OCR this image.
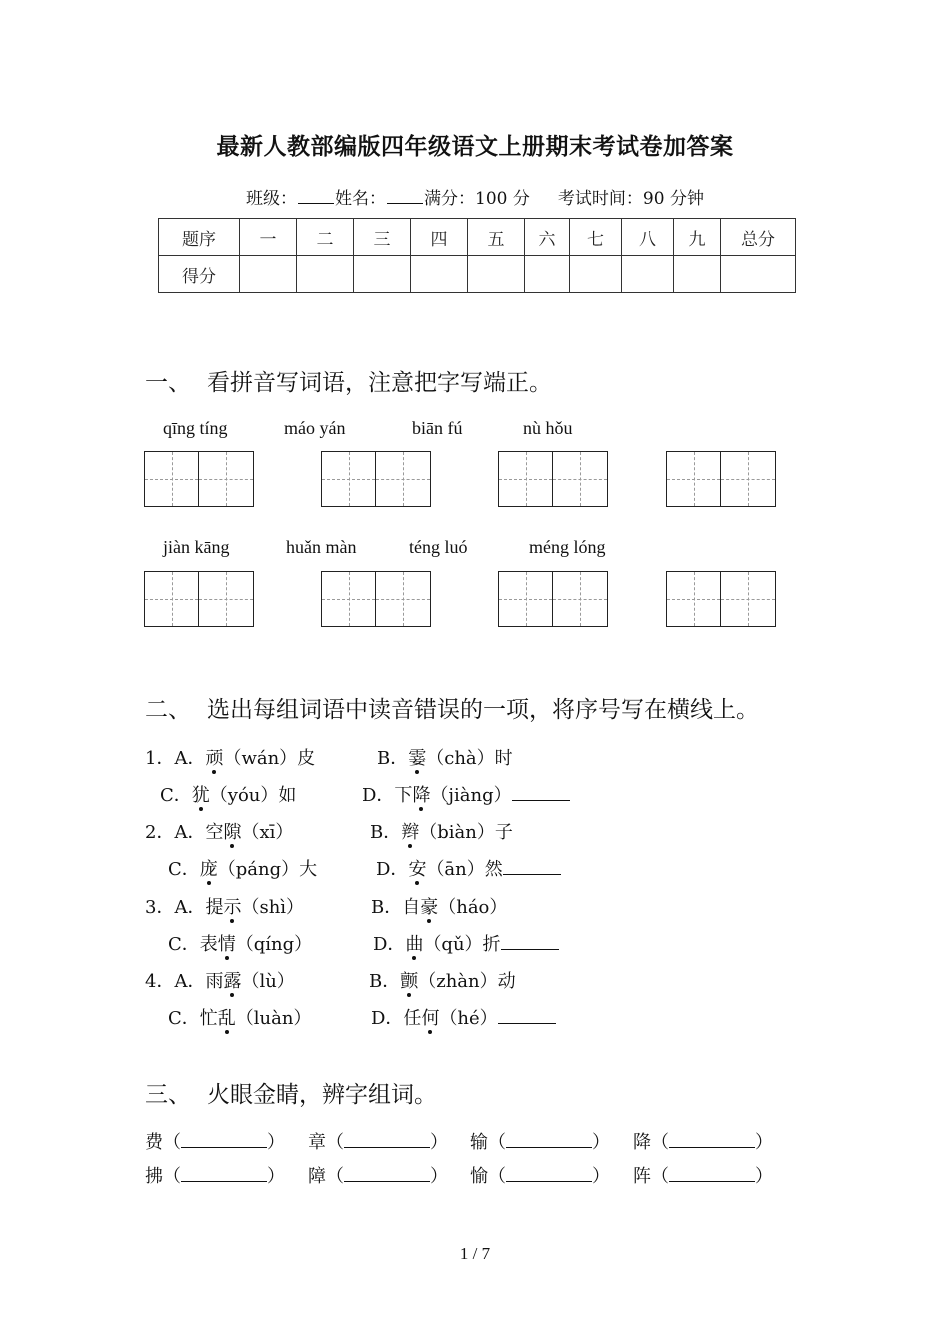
最新人教部编版四年级语文上册期末考试卷加答案
班级： 姓名： 满分：100 分 考试时间：90 分钟
题序	一	二	三	四	五	六	七	八	九	总分
得分										
一、 看拼音写词语，注意把字写端正。
qīng tíng	máo yán	biān fú	nù hǒu
jiàn kāng	huǎn màn	téng luó	méng lóng
二、 选出每组词语中读音错误的一项，将序号写在横线上。
1．A．顽（wán）皮	B．霎（chà）时
C．犹（yóu）如	D．下降（jiàng）
2．A．空隙（xī）	B．辫（biàn）子
C．庞（páng）大	D．安（ān）然
3．A．提示（shì）	B．自豪（háo）
C．表情（qíng）	D．曲（qǔ）折
4．A．雨露（lù）	B．颤（zhàn）动
C．忙乱（luàn）	D．任何（hé）
三、 火眼金睛，辨字组词。
费（	） 章（	） 输（	） 降（	）
拂（	） 障（	） 愉（	） 阵（	）
1 / 7
